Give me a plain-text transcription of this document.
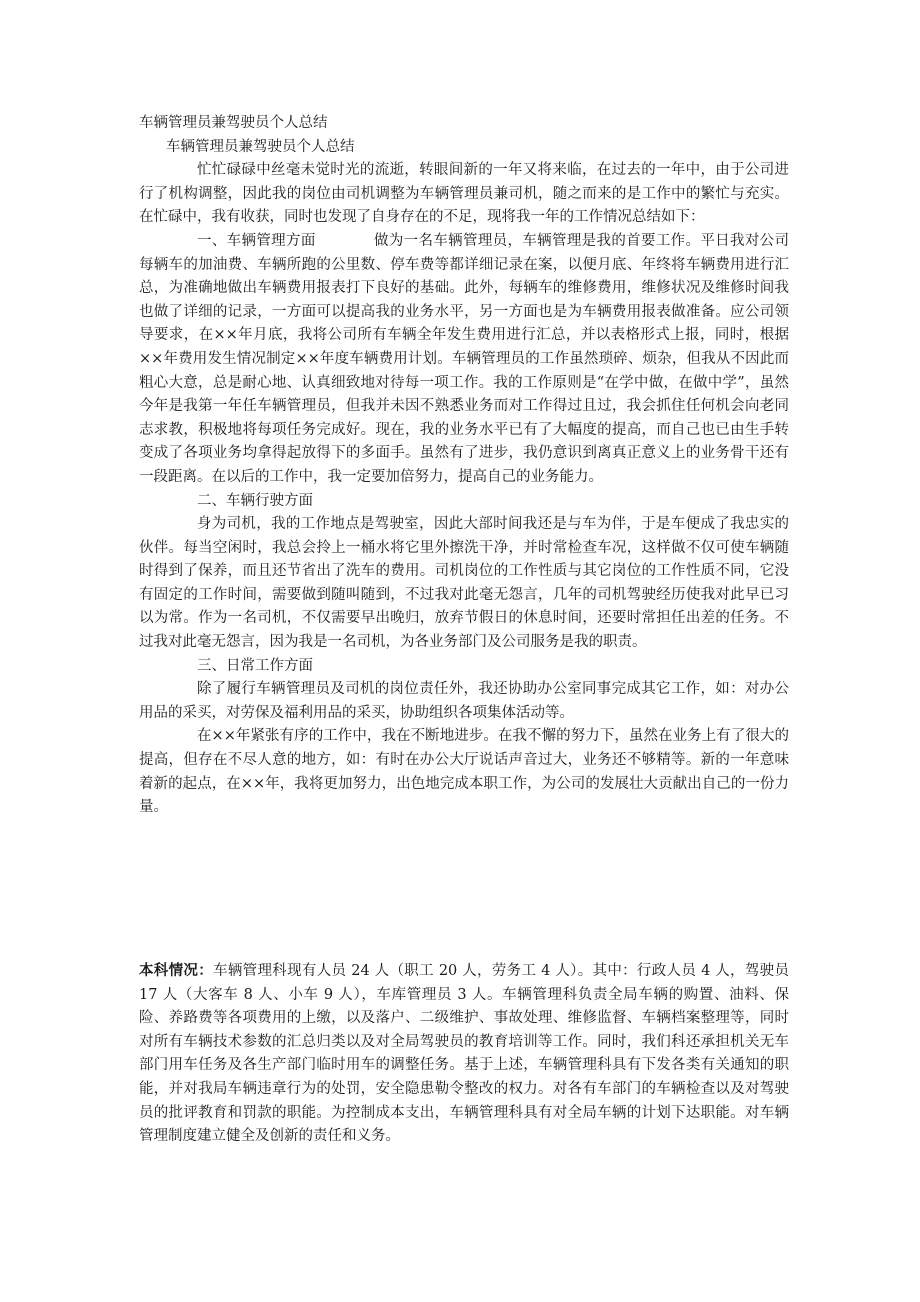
车辆管理员兼驾驶员个人总结

车辆管理员兼驾驶员个人总结

忙忙碌碌中丝毫未觉时光的流逝，转眼间新的一年又将来临，在过去的一年中，由于公司进行了机构调整，因此我的岗位由司机调整为车辆管理员兼司机，随之而来的是工作中的繁忙与充实。在忙碌中，我有收获，同时也发现了自身存在的不足，现将我一年的工作情况总结如下：

一、车辆管理方面	做为一名车辆管理员，车辆管理是我的首要工作。平日我对公司每辆车的加油费、车辆所跑的公里数、停车费等都详细记录在案，以便月底、年终将车辆费用进行汇总，为准确地做出车辆费用报表打下良好的基础。此外，每辆车的维修费用，维修状况及维修时间我也做了详细的记录，一方面可以提高我的业务水平，另一方面也是为车辆费用报表做准备。应公司领导要求，在××年月底，我将公司所有车辆全年发生费用进行汇总，并以表格形式上报，同时，根据××年费用发生情况制定××年度车辆费用计划。车辆管理员的工作虽然琐碎、烦杂，但我从不因此而粗心大意，总是耐心地、认真细致地对待每一项工作。我的工作原则是“在学中做，在做中学”，虽然今年是我第一年任车辆管理员，但我并未因不熟悉业务而对工作得过且过，我会抓住任何机会向老同志求教，积极地将每项任务完成好。现在，我的业务水平已有了大幅度的提高，而自己也已由生手转变成了各项业务均拿得起放得下的多面手。虽然有了进步，我仍意识到离真正意义上的业务骨干还有一段距离。在以后的工作中，我一定要加倍努力，提高自己的业务能力。

二、车辆行驶方面

身为司机，我的工作地点是驾驶室，因此大部时间我还是与车为伴，于是车便成了我忠实的伙伴。每当空闲时，我总会拎上一桶水将它里外擦洗干净，并时常检查车况，这样做不仅可使车辆随时得到了保养，而且还节省出了洗车的费用。司机岗位的工作性质与其它岗位的工作性质不同，它没有固定的工作时间，需要做到随叫随到，不过我对此毫无怨言，几年的司机驾驶经历使我对此早已习以为常。作为一名司机，不仅需要早出晚归，放弃节假日的休息时间，还要时常担任出差的任务。不过我对此毫无怨言，因为我是一名司机，为各业务部门及公司服务是我的职责。

三、日常工作方面

除了履行车辆管理员及司机的岗位责任外，我还协助办公室同事完成其它工作，如：对办公用品的采买，对劳保及福利用品的采买，协助组织各项集体活动等。

在××年紧张有序的工作中，我在不断地进步。在我不懈的努力下，虽然在业务上有了很大的提高，但存在不尽人意的地方，如：有时在办公大厅说话声音过大，业务还不够精等。新的一年意味着新的起点，在××年，我将更加努力，出色地完成本职工作，为公司的发展壮大贡献出自己的一份力量。

本科情况：车辆管理科现有人员 24 人（职工 20 人，劳务工 4 人）。其中：行政人员 4 人，驾驶员 17 人（大客车 8 人、小车 9 人），车库管理员 3 人。车辆管理科负责全局车辆的购置、油料、保险、养路费等各项费用的上缴，以及落户、二级维护、事故处理、维修监督、车辆档案整理等，同时对所有车辆技术参数的汇总归类以及对全局驾驶员的教育培训等工作。同时，我们科还承担机关无车部门用车任务及各生产部门临时用车的调整任务。基于上述，车辆管理科具有下发各类有关通知的职能，并对我局车辆违章行为的处罚，安全隐患勒令整改的权力。对各有车部门的车辆检查以及对驾驶员的批评教育和罚款的职能。为控制成本支出，车辆管理科具有对全局车辆的计划下达职能。对车辆管理制度建立健全及创新的责任和义务。
